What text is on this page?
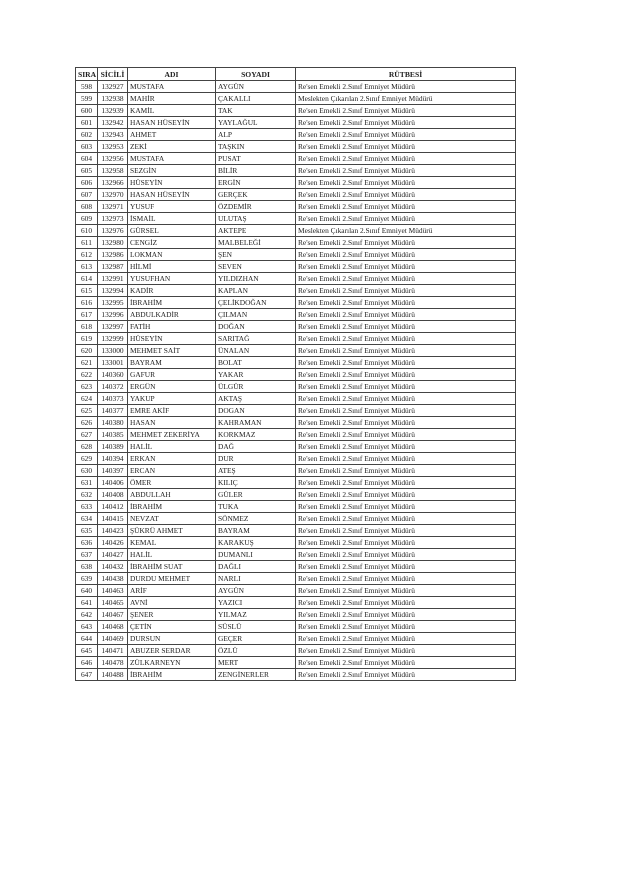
SIRA	SİCİLİ	ADI	SOYADI	RÜTBESİ
598	132927	MUSTAFA	AYGÜN	Re'sen Emekli 2.Sınıf Emniyet Müdürü
599	132938	MAHİR	ÇAKALLI	Meslekten Çıkarılan 2.Sınıf Emniyet Müdürü
600	132939	KAMİL	TAK	Re'sen Emekli 2.Sınıf Emniyet Müdürü
601	132942	HASAN HÜSEYİN	YAYLAĞUL	Re'sen Emekli 2.Sınıf Emniyet Müdürü
602	132943	AHMET	ALP	Re'sen Emekli 2.Sınıf Emniyet Müdürü
603	132953	ZEKİ	TAŞKIN	Re'sen Emekli 2.Sınıf Emniyet Müdürü
604	132956	MUSTAFA	PUSAT	Re'sen Emekli 2.Sınıf Emniyet Müdürü
605	132958	SEZGİN	BİLİR	Re'sen Emekli 2.Sınıf Emniyet Müdürü
606	132966	HÜSEYİN	ERGİN	Re'sen Emekli 2.Sınıf Emniyet Müdürü
607	132970	HASAN HÜSEYİN	GERÇEK	Re'sen Emekli 2.Sınıf Emniyet Müdürü
608	132971	YUSUF	ÖZDEMİR	Re'sen Emekli 2.Sınıf Emniyet Müdürü
609	132973	İSMAİL	ULUTAŞ	Re'sen Emekli 2.Sınıf Emniyet Müdürü
610	132976	GÜRSEL	AKTEPE	Meslekten Çıkarılan 2.Sınıf Emniyet Müdürü
611	132980	CENGİZ	MALBELEĞİ	Re'sen Emekli 2.Sınıf Emniyet Müdürü
612	132986	LOKMAN	ŞEN	Re'sen Emekli 2.Sınıf Emniyet Müdürü
613	132987	HİLMİ	SEVEN	Re'sen Emekli 2.Sınıf Emniyet Müdürü
614	132991	YUSUFHAN	YILDIZHAN	Re'sen Emekli 2.Sınıf Emniyet Müdürü
615	132994	KADİR	KAPLAN	Re'sen Emekli 2.Sınıf Emniyet Müdürü
616	132995	İBRAHİM	ÇELİKDOĞAN	Re'sen Emekli 2.Sınıf Emniyet Müdürü
617	132996	ABDULKADİR	ÇILMAN	Re'sen Emekli 2.Sınıf Emniyet Müdürü
618	132997	FATİH	DOĞAN	Re'sen Emekli 2.Sınıf Emniyet Müdürü
619	132999	HÜSEYİN	SARITAĞ	Re'sen Emekli 2.Sınıf Emniyet Müdürü
620	133000	MEHMET SAİT	ÜNALAN	Re'sen Emekli 2.Sınıf Emniyet Müdürü
621	133001	BAYRAM	BOLAT	Re'sen Emekli 2.Sınıf Emniyet Müdürü
622	140360	GAFUR	YAKAR	Re'sen Emekli 2.Sınıf Emniyet Müdürü
623	140372	ERGÜN	ÜLGÜR	Re'sen Emekli 2.Sınıf Emniyet Müdürü
624	140373	YAKUP	AKTAŞ	Re'sen Emekli 2.Sınıf Emniyet Müdürü
625	140377	EMRE AKİF	DOGAN	Re'sen Emekli 2.Sınıf Emniyet Müdürü
626	140380	HASAN	KAHRAMAN	Re'sen Emekli 2.Sınıf Emniyet Müdürü
627	140385	MEHMET ZEKERİYA	KORKMAZ	Re'sen Emekli 2.Sınıf Emniyet Müdürü
628	140389	HALİL	DAĞ	Re'sen Emekli 2.Sınıf Emniyet Müdürü
629	140394	ERKAN	DUR	Re'sen Emekli 2.Sınıf Emniyet Müdürü
630	140397	ERCAN	ATEŞ	Re'sen Emekli 2.Sınıf Emniyet Müdürü
631	140406	ÖMER	KILIÇ	Re'sen Emekli 2.Sınıf Emniyet Müdürü
632	140408	ABDULLAH	GÜLER	Re'sen Emekli 2.Sınıf Emniyet Müdürü
633	140412	İBRAHİM	TUKA	Re'sen Emekli 2.Sınıf Emniyet Müdürü
634	140415	NEVZAT	SÖNMEZ	Re'sen Emekli 2.Sınıf Emniyet Müdürü
635	140423	ŞÜKRÜ AHMET	BAYRAM	Re'sen Emekli 2.Sınıf Emniyet Müdürü
636	140426	KEMAL	KARAKUŞ	Re'sen Emekli 2.Sınıf Emniyet Müdürü
637	140427	HALİL	DUMANLI	Re'sen Emekli 2.Sınıf Emniyet Müdürü
638	140432	İBRAHİM SUAT	DAĞLI	Re'sen Emekli 2.Sınıf Emniyet Müdürü
639	140438	DURDU MEHMET	NARLI	Re'sen Emekli 2.Sınıf Emniyet Müdürü
640	140463	ARİF	AYGÜN	Re'sen Emekli 2.Sınıf Emniyet Müdürü
641	140465	AVNİ	YAZICI	Re'sen Emekli 2.Sınıf Emniyet Müdürü
642	140467	ŞENER	YILMAZ	Re'sen Emekli 2.Sınıf Emniyet Müdürü
643	140468	ÇETİN	SÜSLÜ	Re'sen Emekli 2.Sınıf Emniyet Müdürü
644	140469	DURSUN	GEÇER	Re'sen Emekli 2.Sınıf Emniyet Müdürü
645	140471	ABUZER SERDAR	ÖZLÜ	Re'sen Emekli 2.Sınıf Emniyet Müdürü
646	140478	ZÜLKARNEYN	MERT	Re'sen Emekli 2.Sınıf Emniyet Müdürü
647	140488	İBRAHİM	ZENGİNERLER	Re'sen Emekli 2.Sınıf Emniyet Müdürü
